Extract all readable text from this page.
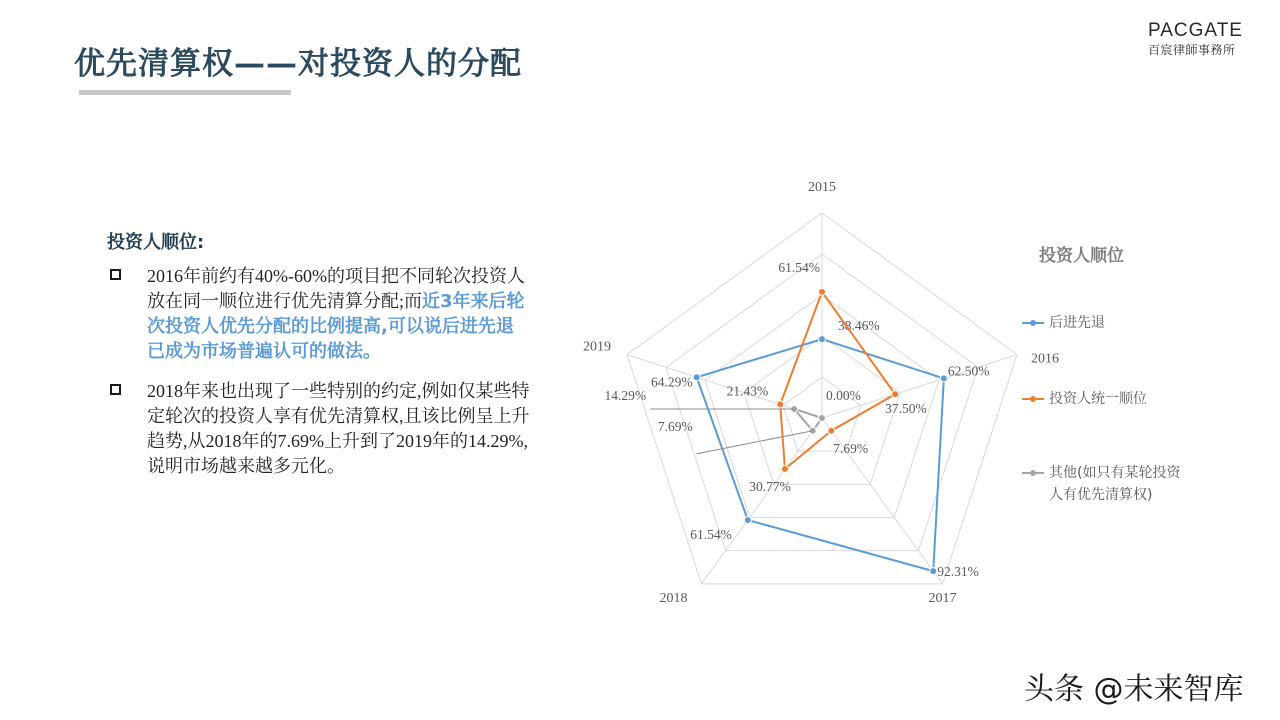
优先清算权——对投资人的分配
PACGATE
百宸律師事務所
投资人顺位:
2016年前约有40%-60%的项目把不同轮次投资人放在同一顺位进行优先清算分配;而近3年来后轮次投资人优先分配的比例提高,可以说后进先退已成为市场普遍认可的做法。
2018年来也出现了一些特别的约定,例如仅某些特定轮次的投资人享有优先清算权,且该比例呈上升趋势,从2018年的7.69%上升到了2019年的14.29%,说明市场越来越多元化。
2015
2016
2017
2018
2019
38.46%
62.50%
92.31%
61.54%
64.29%
61.54%
37.50%
7.69%
30.77%
21.43%	0.00%
7.69%
14.29%
投资人顺位
后进先退
投资人统一顺位
其他(如只有某轮投资人有优先清算权)
头条 @未来智库
